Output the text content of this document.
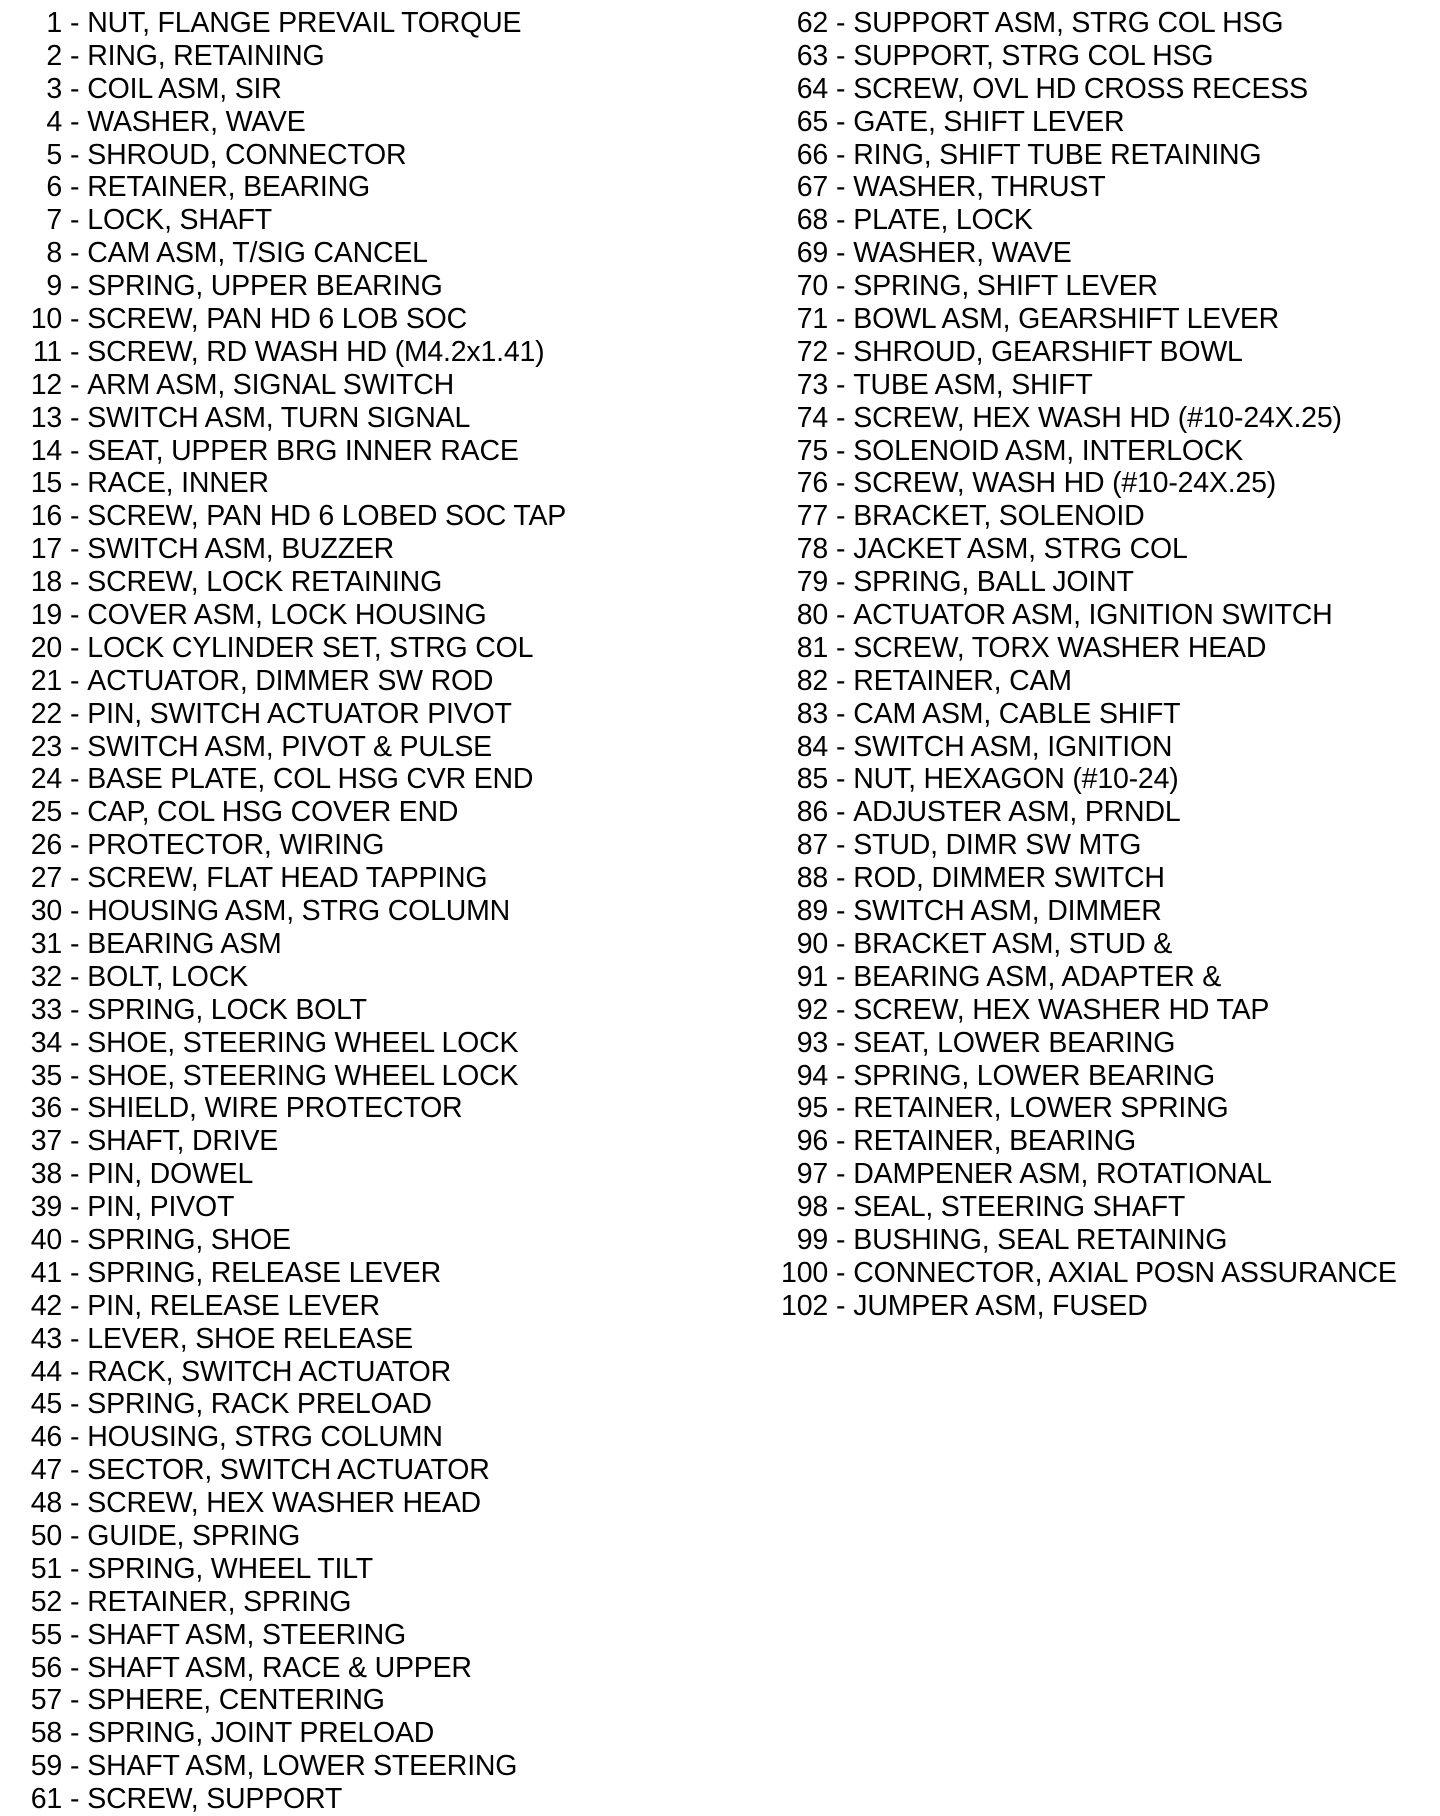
1 - NUT, FLANGE PREVAIL TORQUE
2 - RING, RETAINING
3 - COIL ASM, SIR
4 - WASHER, WAVE
5 - SHROUD, CONNECTOR
6 - RETAINER, BEARING
7 - LOCK, SHAFT
8 - CAM ASM, T/SIG CANCEL
9 - SPRING, UPPER BEARING
10 - SCREW, PAN HD 6 LOB SOC
11 - SCREW, RD WASH HD (M4.2x1.41)
12 - ARM ASM, SIGNAL SWITCH
13 - SWITCH ASM, TURN SIGNAL
14 - SEAT, UPPER BRG INNER RACE
15 - RACE, INNER
16 - SCREW, PAN HD 6 LOBED SOC TAP
17 - SWITCH ASM, BUZZER
18 - SCREW, LOCK RETAINING
19 - COVER ASM, LOCK HOUSING
20 - LOCK CYLINDER SET, STRG COL
21 - ACTUATOR, DIMMER SW ROD
22 - PIN, SWITCH ACTUATOR PIVOT
23 - SWITCH ASM, PIVOT & PULSE
24 - BASE PLATE, COL HSG CVR END
25 - CAP, COL HSG COVER END
26 - PROTECTOR, WIRING
27 - SCREW, FLAT HEAD TAPPING
30 - HOUSING ASM, STRG COLUMN
31 - BEARING ASM
32 - BOLT, LOCK
33 - SPRING, LOCK BOLT
34 - SHOE, STEERING WHEEL LOCK
35 - SHOE, STEERING WHEEL LOCK
36 - SHIELD, WIRE PROTECTOR
37 - SHAFT, DRIVE
38 - PIN, DOWEL
39 - PIN, PIVOT
40 - SPRING, SHOE
41 - SPRING, RELEASE LEVER
42 - PIN, RELEASE LEVER
43 - LEVER, SHOE RELEASE
44 - RACK, SWITCH ACTUATOR
45 - SPRING, RACK PRELOAD
46 - HOUSING, STRG COLUMN
47 - SECTOR, SWITCH ACTUATOR
48 - SCREW, HEX WASHER HEAD
50 - GUIDE, SPRING
51 - SPRING, WHEEL TILT
52 - RETAINER, SPRING
55 - SHAFT ASM, STEERING
56 - SHAFT ASM, RACE & UPPER
57 - SPHERE, CENTERING
58 - SPRING, JOINT PRELOAD
59 - SHAFT ASM, LOWER STEERING
61 - SCREW, SUPPORT
62 - SUPPORT ASM, STRG COL HSG
63 - SUPPORT, STRG COL HSG
64 - SCREW, OVL HD CROSS RECESS
65 - GATE, SHIFT LEVER
66 - RING, SHIFT TUBE RETAINING
67 - WASHER, THRUST
68 - PLATE, LOCK
69 - WASHER, WAVE
70 - SPRING, SHIFT LEVER
71 - BOWL ASM, GEARSHIFT LEVER
72 - SHROUD, GEARSHIFT BOWL
73 - TUBE ASM, SHIFT
74 - SCREW, HEX WASH HD (#10-24X.25)
75 - SOLENOID ASM, INTERLOCK
76 - SCREW, WASH HD (#10-24X.25)
77 - BRACKET, SOLENOID
78 - JACKET ASM, STRG COL
79 - SPRING, BALL JOINT
80 - ACTUATOR ASM, IGNITION SWITCH
81 - SCREW, TORX WASHER HEAD
82 - RETAINER, CAM
83 - CAM ASM, CABLE SHIFT
84 - SWITCH ASM, IGNITION
85 - NUT, HEXAGON (#10-24)
86 - ADJUSTER ASM, PRNDL
87 - STUD, DIMR SW MTG
88 - ROD, DIMMER SWITCH
89 - SWITCH ASM, DIMMER
90 - BRACKET ASM, STUD &
91 - BEARING ASM, ADAPTER &
92 - SCREW, HEX WASHER HD TAP
93 - SEAT, LOWER BEARING
94 - SPRING, LOWER BEARING
95 - RETAINER, LOWER SPRING
96 - RETAINER, BEARING
97 - DAMPENER ASM, ROTATIONAL
98 - SEAL, STEERING SHAFT
99 - BUSHING, SEAL RETAINING
100 - CONNECTOR, AXIAL POSN ASSURANCE
102 - JUMPER ASM, FUSED
